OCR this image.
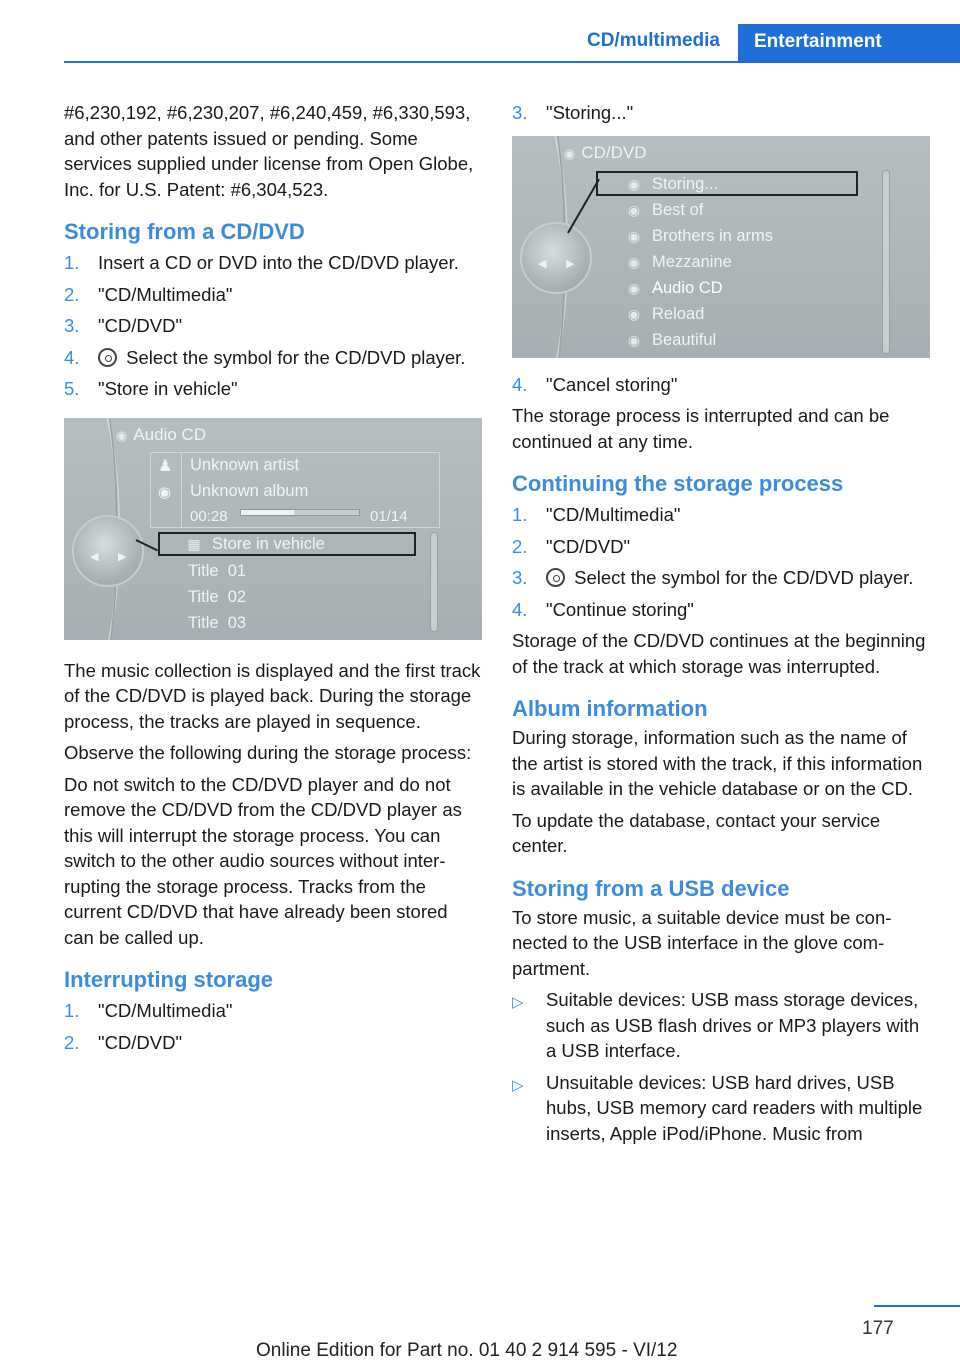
CD/multimedia	Entertainment

#6,230,192, #6,230,207, #6,240,459, #6,330,593, and other patents issued or pending. Some services supplied under license from Open Globe, Inc. for U.S. Patent: #6,304,523.

Storing from a CD/DVD
1.	Insert a CD or DVD into the CD/DVD player.
2.	"CD/Multimedia"
3.	"CD/DVD"
4.	Select the symbol for the CD/DVD player.
5.	"Store in vehicle"
◉ Audio CD
♟
◉
Unknown artist
Unknown album
00:28	01/14
◀ ▶
▦ Store in vehicle
Title 01
Title 02
Title 03

The music collection is displayed and the first track of the CD/DVD is played back. During the storage process, the tracks are played in sequence.

Observe the following during the storage process:

Do not switch to the CD/DVD player and do not remove the CD/DVD from the CD/DVD player as this will interrupt the storage process. You can switch to the other audio sources without interrupting the storage process. Tracks from the current CD/DVD that have already been stored can be called up.

Interrupting storage
1.	"CD/Multimedia"
2.	"CD/DVD"
3.	"Storing..."
◉ CD/DVD
◀ ▶
◉ Storing...
◉ Best of
◉ Brothers in arms
◉ Mezzanine
◉ Audio CD
◉ Reload
◉ Beautiful
4.	"Cancel storing"

The storage process is interrupted and can be continued at any time.

Continuing the storage process
1.	"CD/Multimedia"
2.	"CD/DVD"
3.	Select the symbol for the CD/DVD player.
4.	"Continue storing"

Storage of the CD/DVD continues at the beginning of the track at which storage was interrupted.

Album information

During storage, information such as the name of the artist is stored with the track, if this information is available in the vehicle database or on the CD.

To update the database, contact your service center.

Storing from a USB device

To store music, a suitable device must be connected to the USB interface in the glove compartment.

▷	Suitable devices: USB mass storage devices, such as USB flash drives or MP3 players with a USB interface.
▷	Unsuitable devices: USB hard drives, USB hubs, USB memory card readers with multiple inserts, Apple iPod/iPhone. Music from
177
Online Edition for Part no. 01 40 2 914 595 - VI/12
